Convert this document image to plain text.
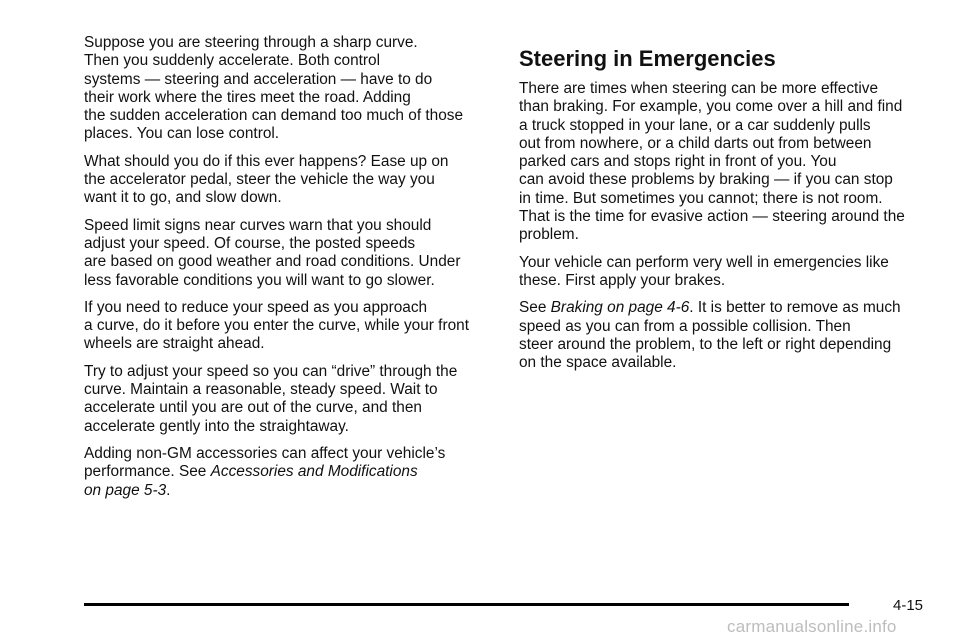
Suppose you are steering through a sharp curve.
Then you suddenly accelerate. Both control
systems — steering and acceleration — have to do
their work where the tires meet the road. Adding
the sudden acceleration can demand too much of those
places. You can lose control.

What should you do if this ever happens? Ease up on
the accelerator pedal, steer the vehicle the way you
want it to go, and slow down.

Speed limit signs near curves warn that you should
adjust your speed. Of course, the posted speeds
are based on good weather and road conditions. Under
less favorable conditions you will want to go slower.

If you need to reduce your speed as you approach
a curve, do it before you enter the curve, while your front
wheels are straight ahead.

Try to adjust your speed so you can “drive” through the
curve. Maintain a reasonable, steady speed. Wait to
accelerate until you are out of the curve, and then
accelerate gently into the straightaway.

Adding non-GM accessories can affect your vehicle’s
performance. See Accessories and Modifications
on page 5-3.

Steering in Emergencies

There are times when steering can be more effective
than braking. For example, you come over a hill and find
a truck stopped in your lane, or a car suddenly pulls
out from nowhere, or a child darts out from between
parked cars and stops right in front of you. You
can avoid these problems by braking — if you can stop
in time. But sometimes you cannot; there is not room.
That is the time for evasive action — steering around the
problem.

Your vehicle can perform very well in emergencies like
these. First apply your brakes.

See Braking on page 4-6. It is better to remove as much
speed as you can from a possible collision. Then
steer around the problem, to the left or right depending
on the space available.

4-15
carmanualsonline.info
